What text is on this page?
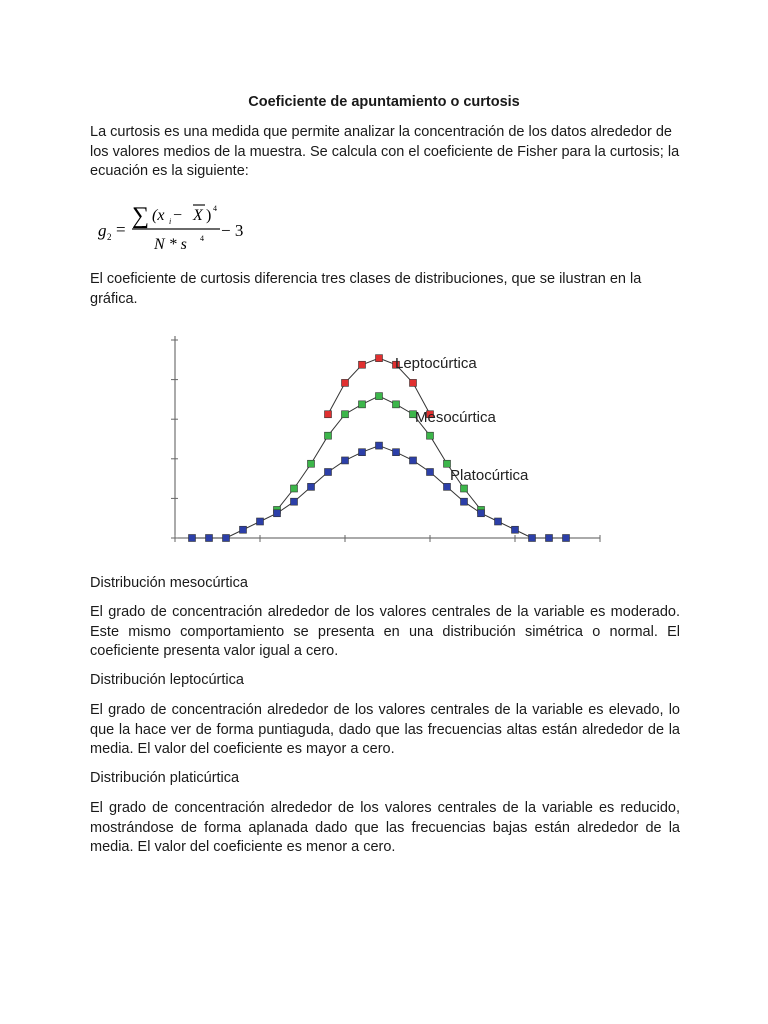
Coeficiente de apuntamiento o curtosis

La curtosis es una medida que permite analizar la concentración de los datos alrededor de los valores medios de la muestra. Se calcula con el coeficiente de Fisher para la curtosis; la ecuación es la siguiente:

g 2 =
∑ (x i − X ) 4
N * s 4 − 3

El coeficiente de curtosis diferencia tres clases de distribuciones, que se ilustran en la gráfica.

Leptocúrtica
Mesocúrtica
Platocúrtica
Distribución mesocúrtica

El grado de concentración alrededor de los valores centrales de la variable es moderado. Este mismo comportamiento se presenta en una distribución simétrica o normal. El coeficiente presenta valor igual a cero.

Distribución leptocúrtica

El grado de concentración alrededor de los valores centrales de la variable es elevado, lo que la hace ver de forma puntiaguda, dado que las frecuencias altas están alrededor de la media. El valor del coeficiente es mayor a cero.

Distribución platicúrtica

El grado de concentración alrededor de los valores centrales de la variable es reducido, mostrándose de forma aplanada dado que las frecuencias bajas están alrededor de la media. El valor del coeficiente es menor a cero.
